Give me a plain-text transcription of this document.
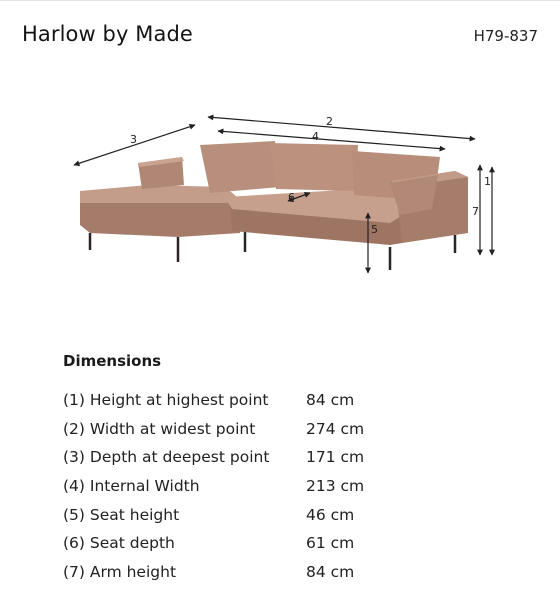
Harlow by Made	H79-837
2
3	4
1
7
5
6
Dimensions
(1) Height at highest point	84 cm
(2) Width at widest point	274 cm
(3) Depth at deepest point	171 cm
(4) Internal Width	213 cm
(5) Seat height	46 cm
(6) Seat depth	61 cm
(7) Arm height	84 cm
